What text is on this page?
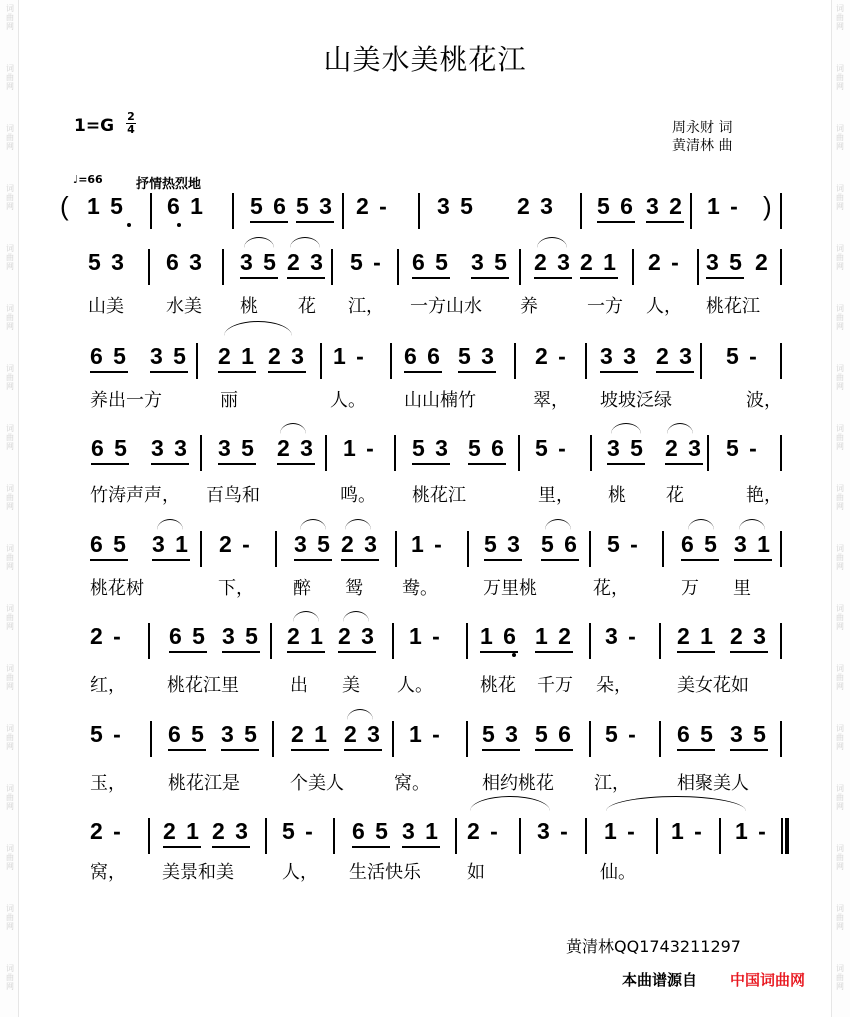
山美水美桃花江
$1=G \frac{2}{4}$	周永财 词
黄清林 曲
♩=66	抒情热烈地
( 1 5 6 1 5 6 5 3 2 - 3 5 2 3 5 6 3 2 1 - )
5 3 6 3 3 5 2 3 5 - 6 5 3 5 2 3 2 1 2 - 3 5 2
山美 水美 桃 花 江， 一方山水 养	一方 人， 桃花江
6 5 3 5 2 1 2 3 1 - 6 6 5 3 2 - 3 3 2 3 5 -
养出一方	丽	人。 山山楠竹	翠， 坡坡泛绿	波，
6 5 3 3 3 5 2 3 1 - 5 3 5 6 5 - 3 5 2 3 5 -
竹涛声声， 百鸟和	鸣。 桃花江	里， 桃 花	艳，
6 5 3 1 2 - 3 5 2 3 1 - 5 3 5 6 5 - 6 5 3 1
桃花树	下， 醉 鸳 鸯。	万里桃	花，	万 里
2 - 6 5 3 5 2 1 2 3 1 - 1 6 1 2 3 - 2 1 2 3
红， 桃花江里	出 美 人。	桃花 千万 朵，	美女花如
5 - 6 5 3 5 2 1 2 3 1 - 5 3 5 6 5 - 6 5 3 5
玉， 桃花江是	个美人	窝。	相约桃花 江，	相聚美人
2 - 2 1 2 3 5 - 6 5 3 1 2 - 3 - 1 - 1 - 1 -
窝， 美景和美	人， 生活快乐	如	仙。
黄清林QQ1743211297
本曲谱源自 中国词曲网
词
曲
网
词
曲
网
词
曲
网
词
曲
网
词
曲
网
词
曲
网
词
曲
网
词
曲
网
词
曲
网
词
曲
网
词
曲
网
词
曲
网
词
曲
网
词
曲
网
词
曲
网
词
曲
网
词
曲
网
词
曲
网
词
曲
网
词
曲
网
词
曲
网
词
曲
网
词
曲
网
词
曲
网
词
曲
网
词
曲
网
词
曲
网
词
曲
网
词
曲
网
词
曲
网
词
曲
网
词
曲
网
词
曲
网
词
曲
网
